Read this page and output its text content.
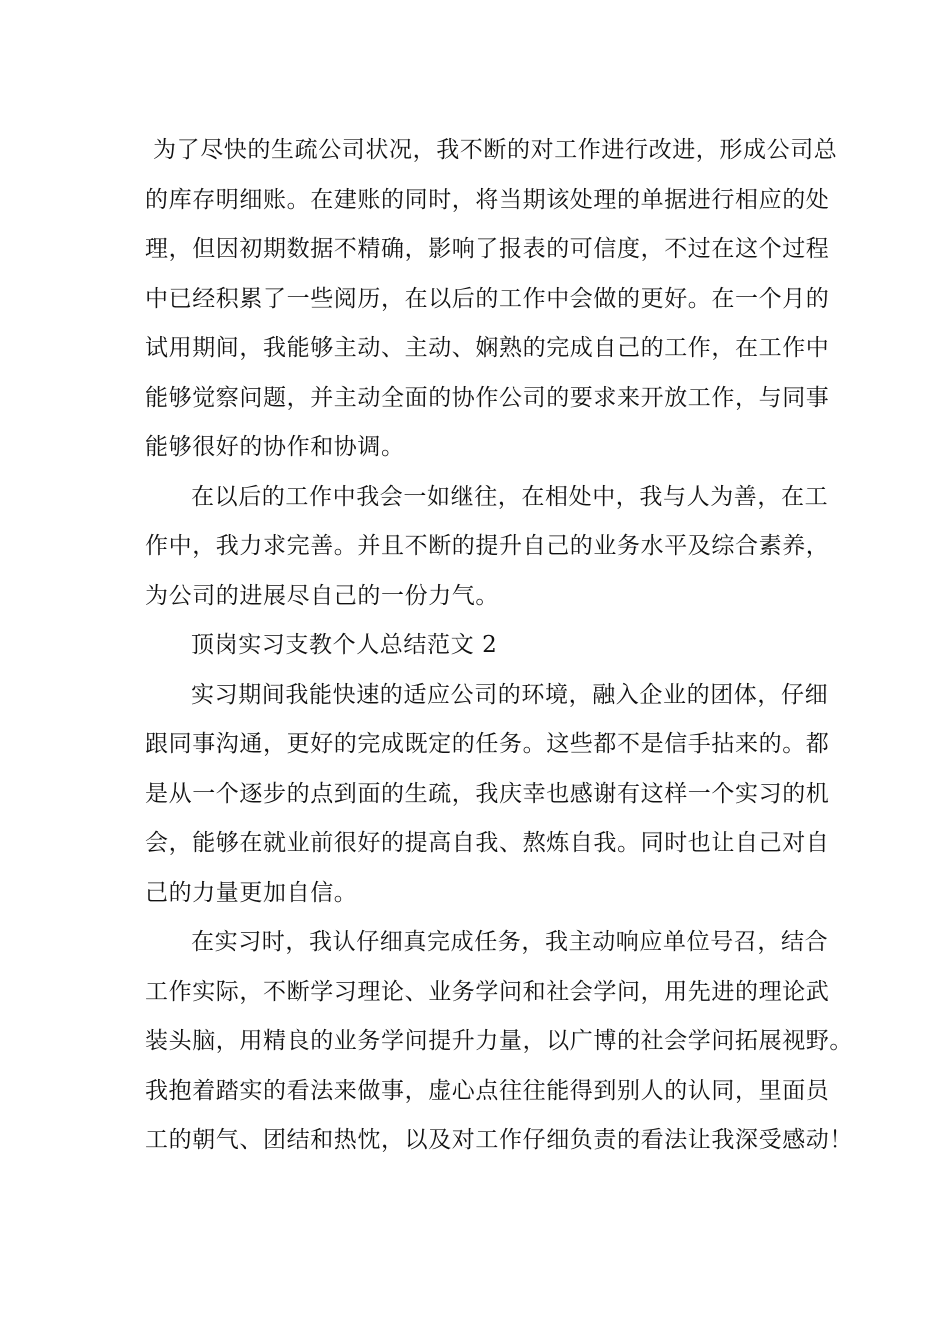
为了尽快的生疏公司状况，我不断的对工作进行改进，形成公司总
的库存明细账。在建账的同时，将当期该处理的单据进行相应的处
理，但因初期数据不精确，影响了报表的可信度，不过在这个过程
中已经积累了一些阅历，在以后的工作中会做的更好。在一个月的
试用期间，我能够主动、主动、娴熟的完成自己的工作，在工作中
能够觉察问题，并主动全面的协作公司的要求来开放工作，与同事
能够很好的协作和协调。
在以后的工作中我会一如继往，在相处中，我与人为善，在工
作中，我力求完善。并且不断的提升自己的业务水平及综合素养，
为公司的进展尽自己的一份力气。
顶岗实习支教个人总结范文 2
实习期间我能快速的适应公司的环境，融入企业的团体，仔细
跟同事沟通，更好的完成既定的任务。这些都不是信手拈来的。都
是从一个逐步的点到面的生疏，我庆幸也感谢有这样一个实习的机
会，能够在就业前很好的提高自我、熬炼自我。同时也让自己对自
己的力量更加自信。
在实习时，我认仔细真完成任务，我主动响应单位号召，结合
工作实际，不断学习理论、业务学问和社会学问，用先进的理论武
装头脑，用精良的业务学问提升力量，以广博的社会学问拓展视野。
我抱着踏实的看法来做事，虚心点往往能得到别人的认同，里面员
工的朝气、团结和热忱，以及对工作仔细负责的看法让我深受感动！
